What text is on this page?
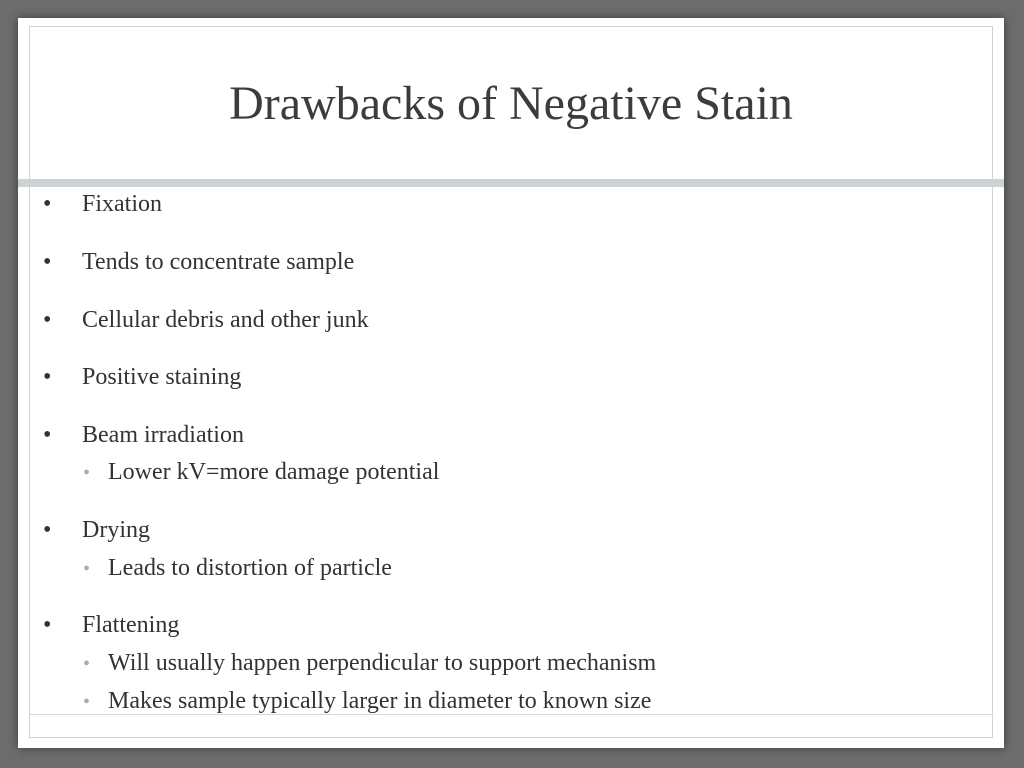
Drawbacks of Negative Stain
• Fixation
• Tends to concentrate sample
• Cellular debris and other junk
• Positive staining
• Beam irradiation
• Lower kV=more damage potential
• Drying
• Leads to distortion of particle
• Flattening
• Will usually happen perpendicular to support mechanism
• Makes sample typically larger in diameter to known size
